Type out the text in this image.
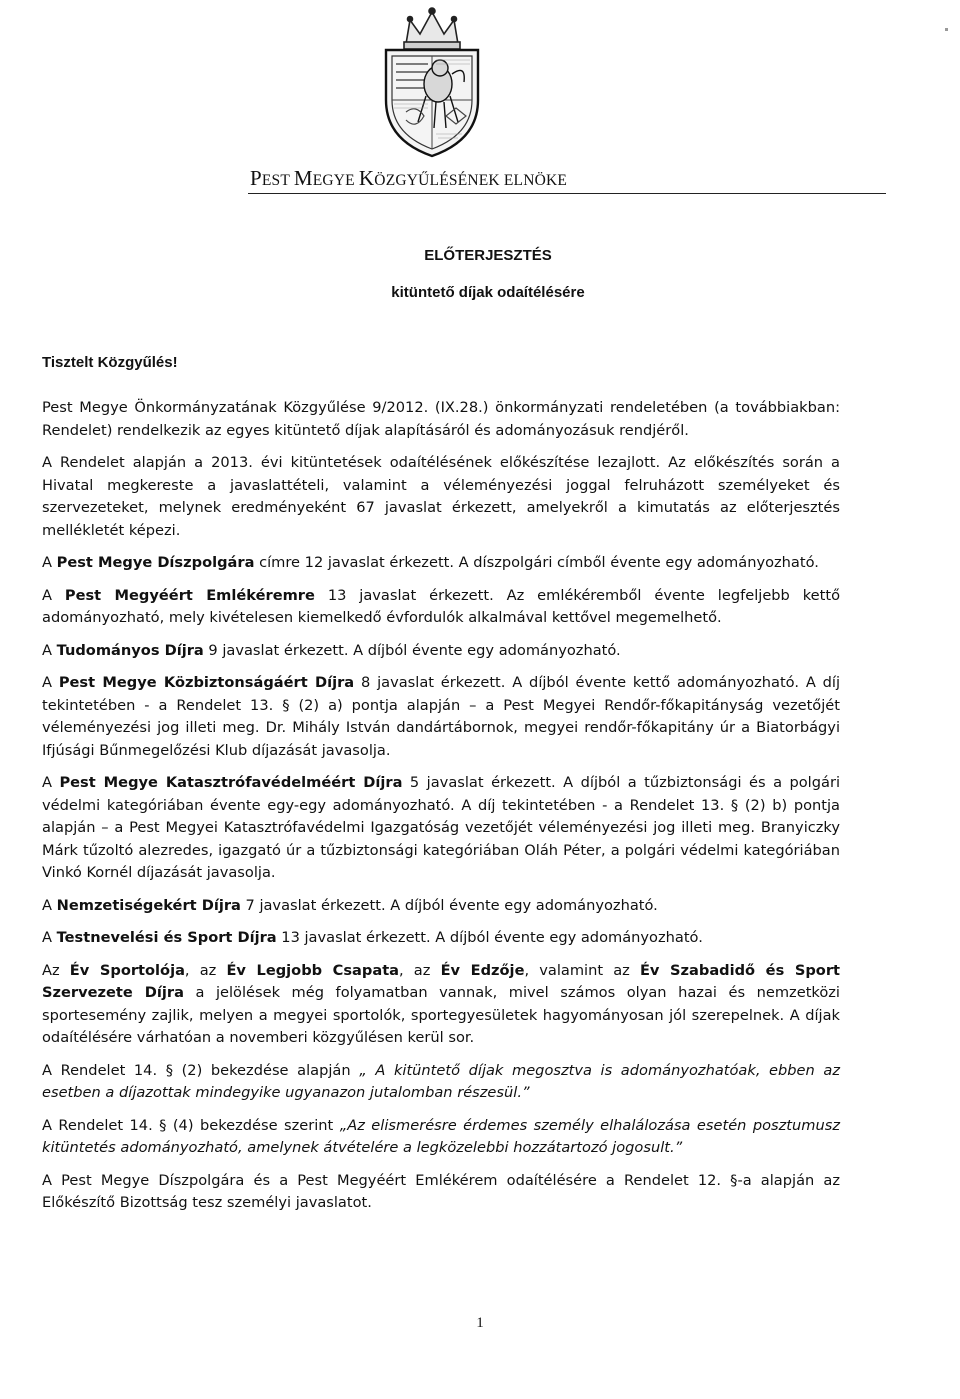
PEST MEGYE KÖZGYŰLÉSÉNEK ELNÖKE
ELŐTERJESZTÉS
kitüntető díjak odaítélésére
Tisztelt Közgyűlés!

Pest Megye Önkormányzatának Közgyűlése 9/2012. (IX.28.) önkormányzati rendeletében (a továbbiakban: Rendelet) rendelkezik az egyes kitüntető díjak alapításáról és adományozásuk rendjéről.

A Rendelet alapján a 2013. évi kitüntetések odaítélésének előkészítése lezajlott. Az előkészítés során a Hivatal megkereste a javaslattételi, valamint a véleményezési joggal felruházott személyeket és szervezeteket, melynek eredményeként 67 javaslat érkezett, amelyekről a kimutatás az előterjesztés mellékletét képezi.

A Pest Megye Díszpolgára címre 12 javaslat érkezett. A díszpolgári címből évente egy adományozható.

A Pest Megyéért Emlékéremre 13 javaslat érkezett. Az emlékéremből évente legfeljebb kettő adományozható, mely kivételesen kiemelkedő évfordulók alkalmával kettővel megemelhető.

A Tudományos Díjra 9 javaslat érkezett. A díjból évente egy adományozható.

A Pest Megye Közbiztonságáért Díjra 8 javaslat érkezett. A díjból évente kettő adományozható. A díj tekintetében - a Rendelet 13. § (2) a) pontja alapján – a Pest Megyei Rendőr-főkapitányság vezetőjét véleményezési jog illeti meg. Dr. Mihály István dandártábornok, megyei rendőr-főkapitány úr a Biatorbágyi Ifjúsági Bűnmegelőzési Klub díjazását javasolja.

A Pest Megye Katasztrófavédelméért Díjra 5 javaslat érkezett. A díjból a tűzbiztonsági és a polgári védelmi kategóriában évente egy-egy adományozható. A díj tekintetében - a Rendelet 13. § (2) b) pontja alapján – a Pest Megyei Katasztrófavédelmi Igazgatóság vezetőjét véleményezési jog illeti meg. Branyiczky Márk tűzoltó alezredes, igazgató úr a tűzbiztonsági kategóriában Oláh Péter, a polgári védelmi kategóriában Vinkó Kornél díjazását javasolja.

A Nemzetiségekért Díjra 7 javaslat érkezett. A díjból évente egy adományozható.

A Testnevelési és Sport Díjra 13 javaslat érkezett. A díjból évente egy adományozható.

Az Év Sportolója, az Év Legjobb Csapata, az Év Edzője, valamint az Év Szabadidő és Sport Szervezete Díjra a jelölések még folyamatban vannak, mivel számos olyan hazai és nemzetközi sportesemény zajlik, melyen a megyei sportolók, sportegyesületek hagyományosan jól szerepelnek. A díjak odaítélésére várhatóan a novemberi közgyűlésen kerül sor.

A Rendelet 14. § (2) bekezdése alapján „ A kitüntető díjak megosztva is adományozhatóak, ebben az esetben a díjazottak mindegyike ugyanazon jutalomban részesül.”

A Rendelet 14. § (4) bekezdése szerint „Az elismerésre érdemes személy elhalálozása esetén posztumusz kitüntetés adományozható, amelynek átvételére a legközelebbi hozzátartozó jogosult.”

A Pest Megye Díszpolgára és a Pest Megyéért Emlékérem odaítélésére a Rendelet 12. §-a alapján az Előkészítő Bizottság tesz személyi javaslatot.

1
